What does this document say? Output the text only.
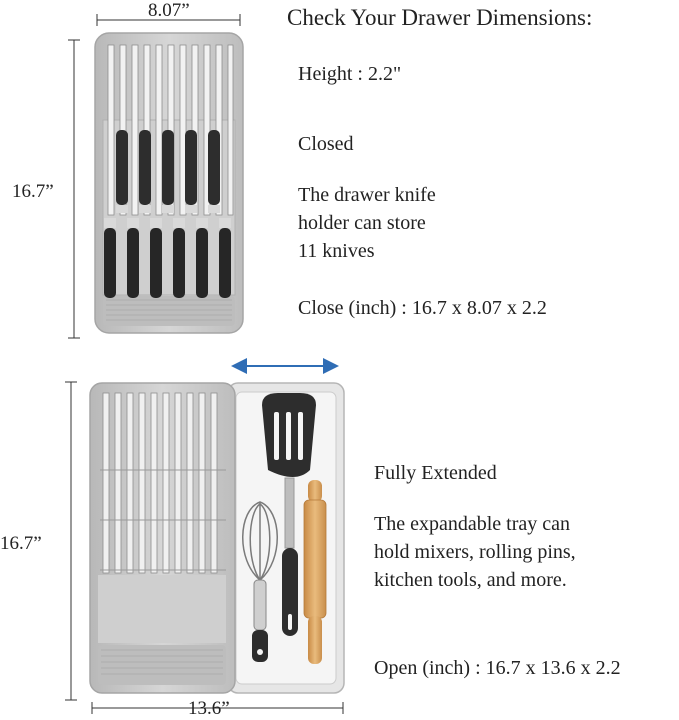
8.07”
16.7”
Check Your Drawer Dimensions:
Height : 2.2"
Closed
The drawer knife
holder can store
11 knives
Close (inch) : 16.7 x 8.07 x 2.2
16.7”
13.6”
Fully Extended
The expandable tray can
hold mixers, rolling pins,
kitchen tools, and more.
Open (inch) : 16.7 x 13.6 x 2.2
